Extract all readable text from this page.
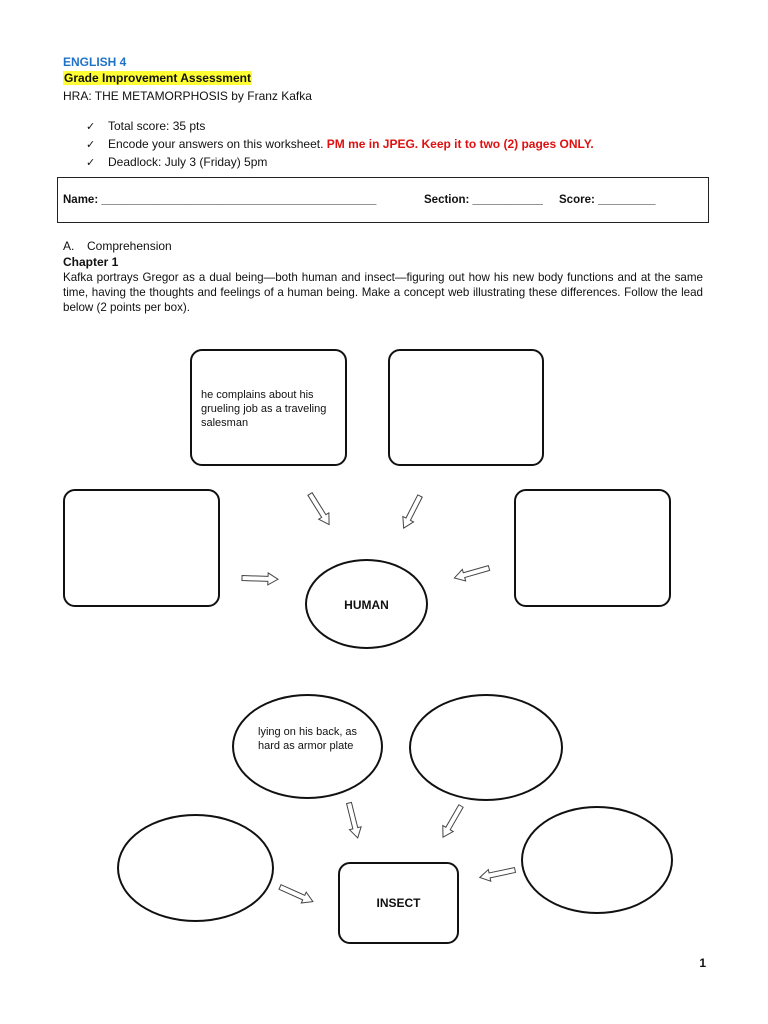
ENGLISH 4
Grade Improvement Assessment
HRA: THE METAMORPHOSIS by Franz Kafka
✓ Total score: 35 pts
✓ Encode your answers on this worksheet. PM me in JPEG. Keep it to two (2) pages ONLY.
✓ Deadlock: July 3 (Friday) 5pm
Name: ___________________________________________	Section: ___________ Score: _________
A. Comprehension
Chapter 1
Kafka portrays Gregor as a dual being—both human and insect—figuring out how his new body functions and at the same time, having the thoughts and feelings of a human being. Make a concept web illustrating these differences. Follow the lead below (2 points per box).
he complains about his grueling job as a traveling salesman
HUMAN
lying on his back, as hard as armor plate
INSECT
1
